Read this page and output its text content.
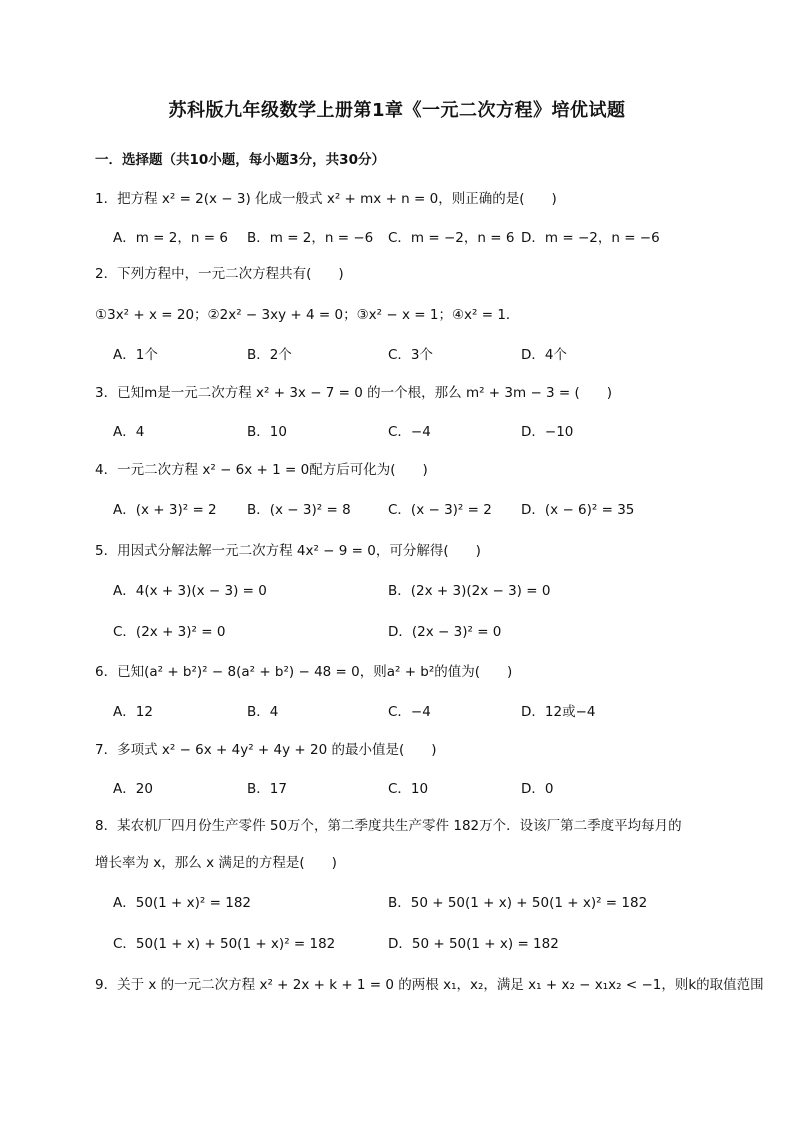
苏科版九年级数学上册第1章《一元二次方程》培优试题
一．选择题（共10小题，每小题3分，共30分）
1．把方程 x² = 2(x − 3) 化成一般式 x² + mx + n = 0，则正确的是(　　)
A．m = 2，n = 6 B．m = 2，n = −6 C．m = −2，n = 6 D．m = −2，n = −6
2．下列方程中，一元二次方程共有(　　)
①3x² + x = 20；②2x² − 3xy + 4 = 0；③x² − x = 1；④x² = 1．
A．1个	B．2个	C．3个	D．4个
3．已知m是一元二次方程 x² + 3x − 7 = 0 的一个根，那么 m² + 3m − 3 = (　　)
A．4	B．10	C．−4	D．−10
4．一元二次方程 x² − 6x + 1 = 0配方后可化为(　　)
A．(x + 3)² = 2 B．(x − 3)² = 8	C．(x − 3)² = 2 D．(x − 6)² = 35
5．用因式分解法解一元二次方程 4x² − 9 = 0，可分解得(　　)
A．4(x + 3)(x − 3) = 0	B．(2x + 3)(2x − 3) = 0
C．(2x + 3)² = 0	D．(2x − 3)² = 0
6．已知(a² + b²)² − 8(a² + b²) − 48 = 0，则a² + b²的值为(　　)
A．12	B．4	C．−4	D．12或−4
7．多项式 x² − 6x + 4y² + 4y + 20 的最小值是(　　)
A．20	B．17	C．10	D．0
8．某农机厂四月份生产零件 50万个，第二季度共生产零件 182万个．设该厂第二季度平均每月的
增长率为 x，那么 x 满足的方程是(　　)
A．50(1 + x)² = 182	B．50 + 50(1 + x) + 50(1 + x)² = 182
C．50(1 + x) + 50(1 + x)² = 182	D．50 + 50(1 + x) = 182
9．关于 x 的一元二次方程 x² + 2x + k + 1 = 0 的两根 x₁，x₂，满足 x₁ + x₂ − x₁x₂ < −1，则k的取值范围
